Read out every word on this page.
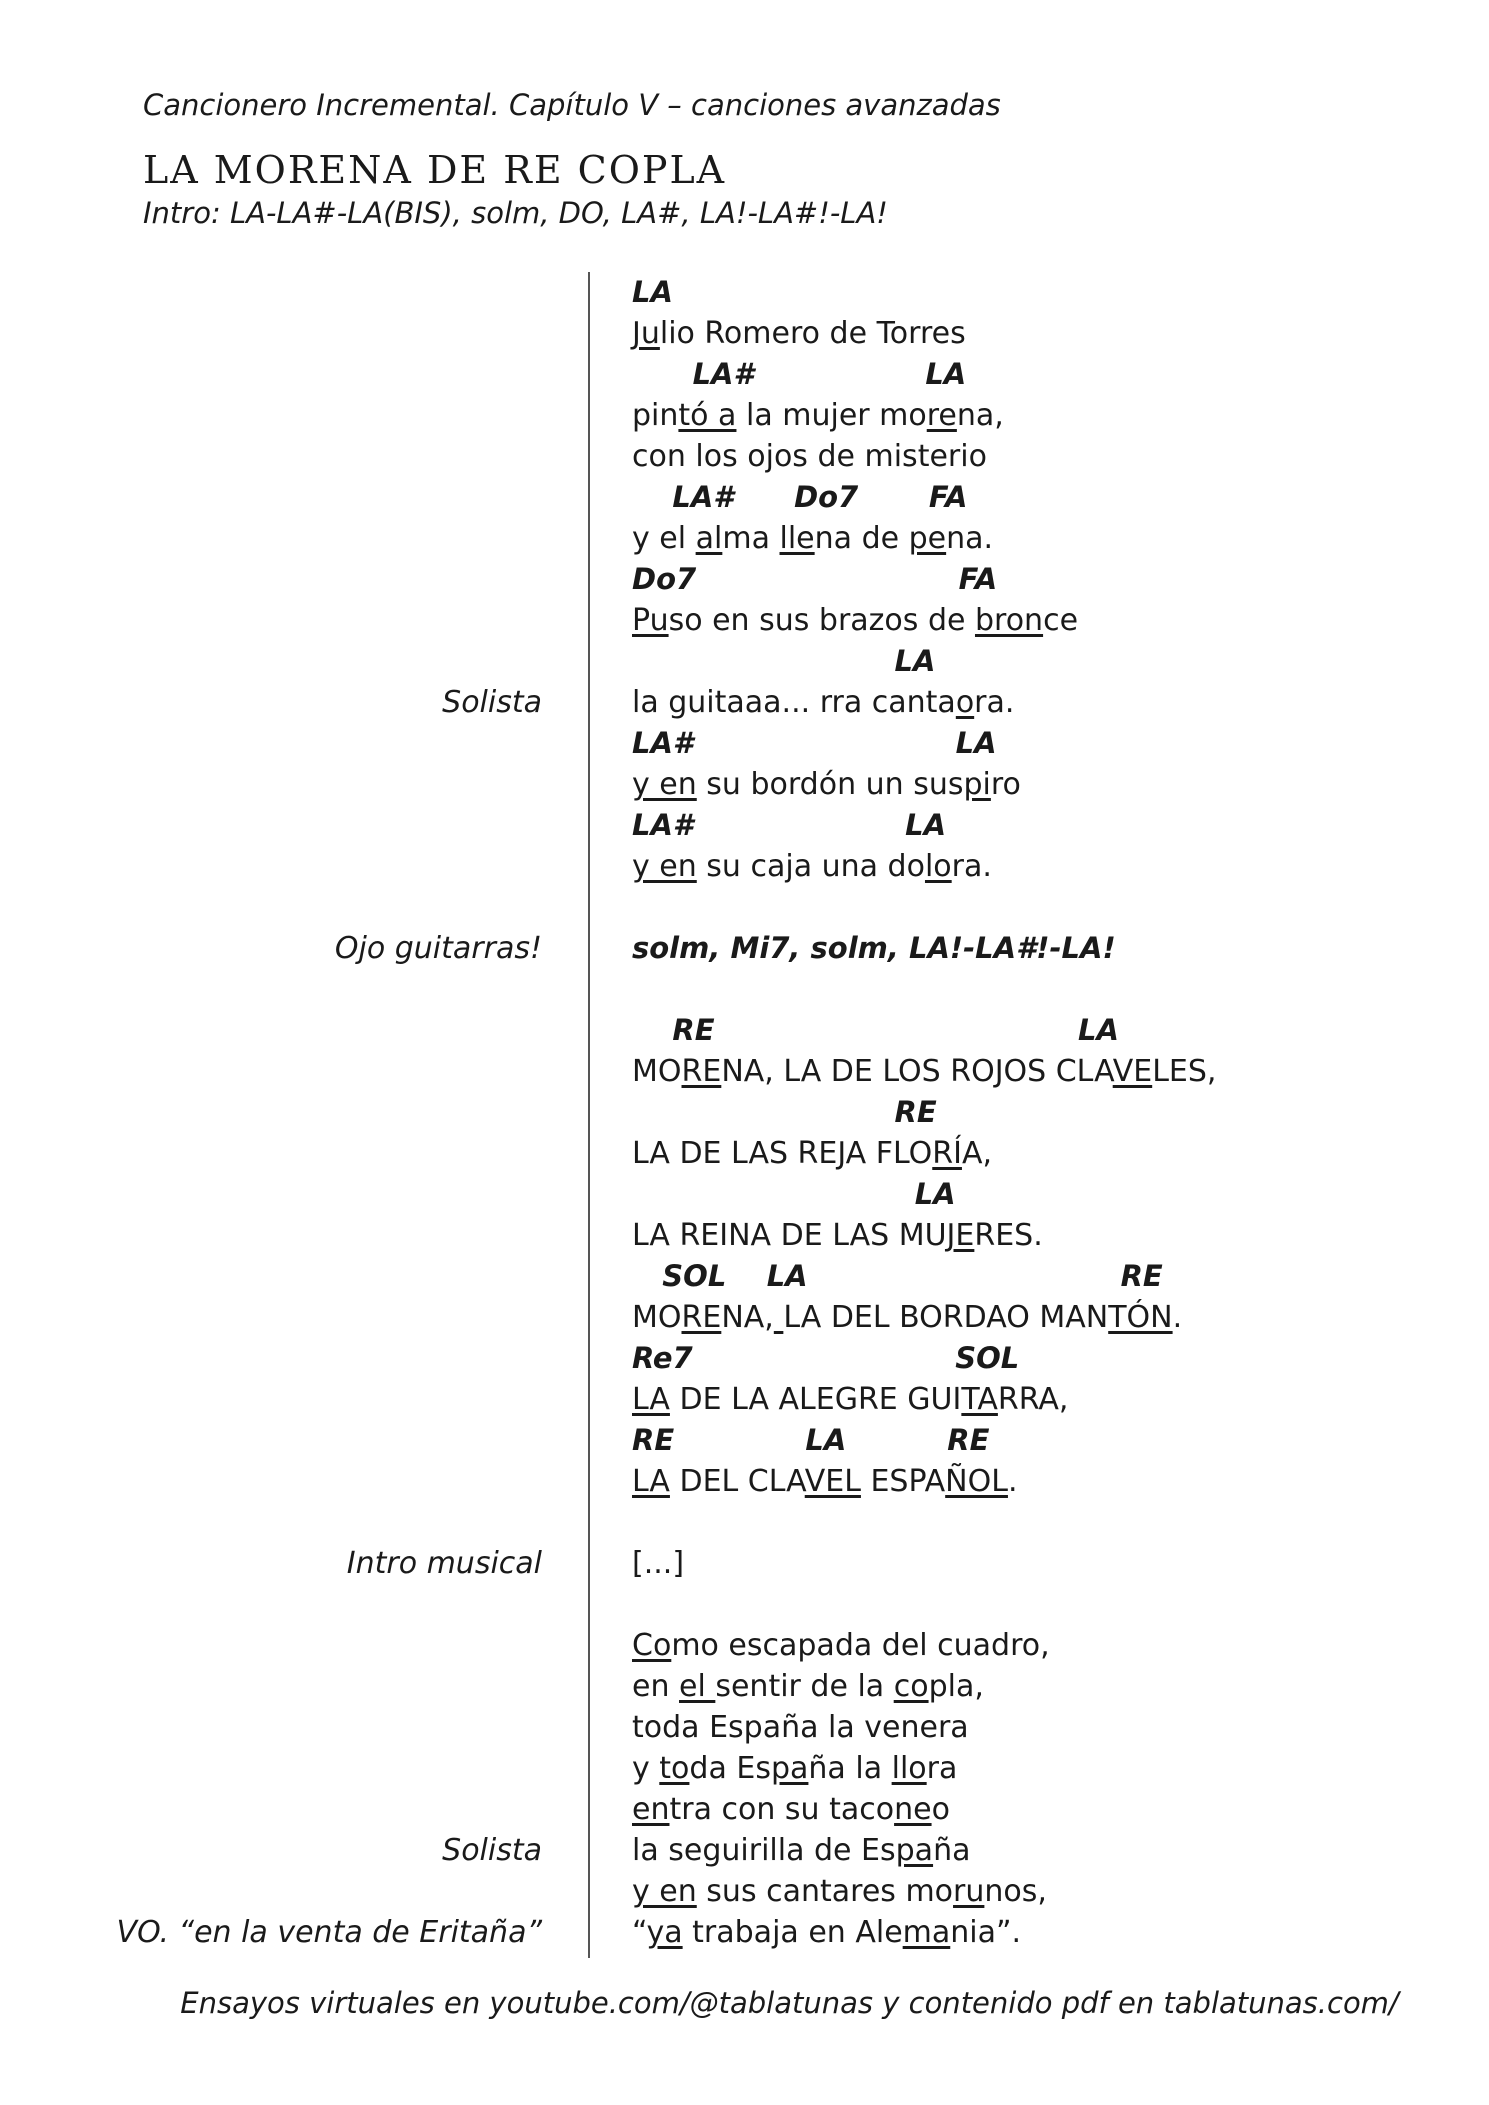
Cancionero Incremental. Capítulo V – canciones avanzadas
LA MORENA DE RE COPLA
Intro: LA-LA#-LA(BIS), solm, DO, LA#, LA!-LA#!-LA!
LA
Julio Romero de Torres
LA#                 LA
pintó a la mujer morena,
con los ojos de misterio
LA#      Do7       FA
y el alma llena de pena.
Do7                          FA
Puso en sus brazos de bronce
LA
Solista	la guitaaa... rra cantaora.
LA#                          LA
y en su bordón un suspiro
LA#                     LA
y en su caja una dolora.
Ojo guitarras!	solm, Mi7, solm, LA!-LA#!-LA!
RE                                    LA
MORENA, LA DE LOS ROJOS CLAVELES,
RE
LA DE LAS REJA FLORÍA,
LA
LA REINA DE LAS MUJERES.
SOL    LA                               RE
MORENA, LA DEL BORDAO MANTÓN.
Re7                          SOL
LA DE LA ALEGRE GUITARRA,
RE             LA          RE
LA DEL CLAVEL ESPAÑOL.
Intro musical	[...]
Como escapada del cuadro,
en el sentir de la copla,
toda España la venera
y toda España la llora
entra con su taconeo
Solista	la seguirilla de España
y en sus cantares morunos,
VO. “en la venta de Eritaña”	“ya trabaja en Alemania”.
Ensayos virtuales en youtube.com/@tablatunas y contenido pdf en tablatunas.com/
